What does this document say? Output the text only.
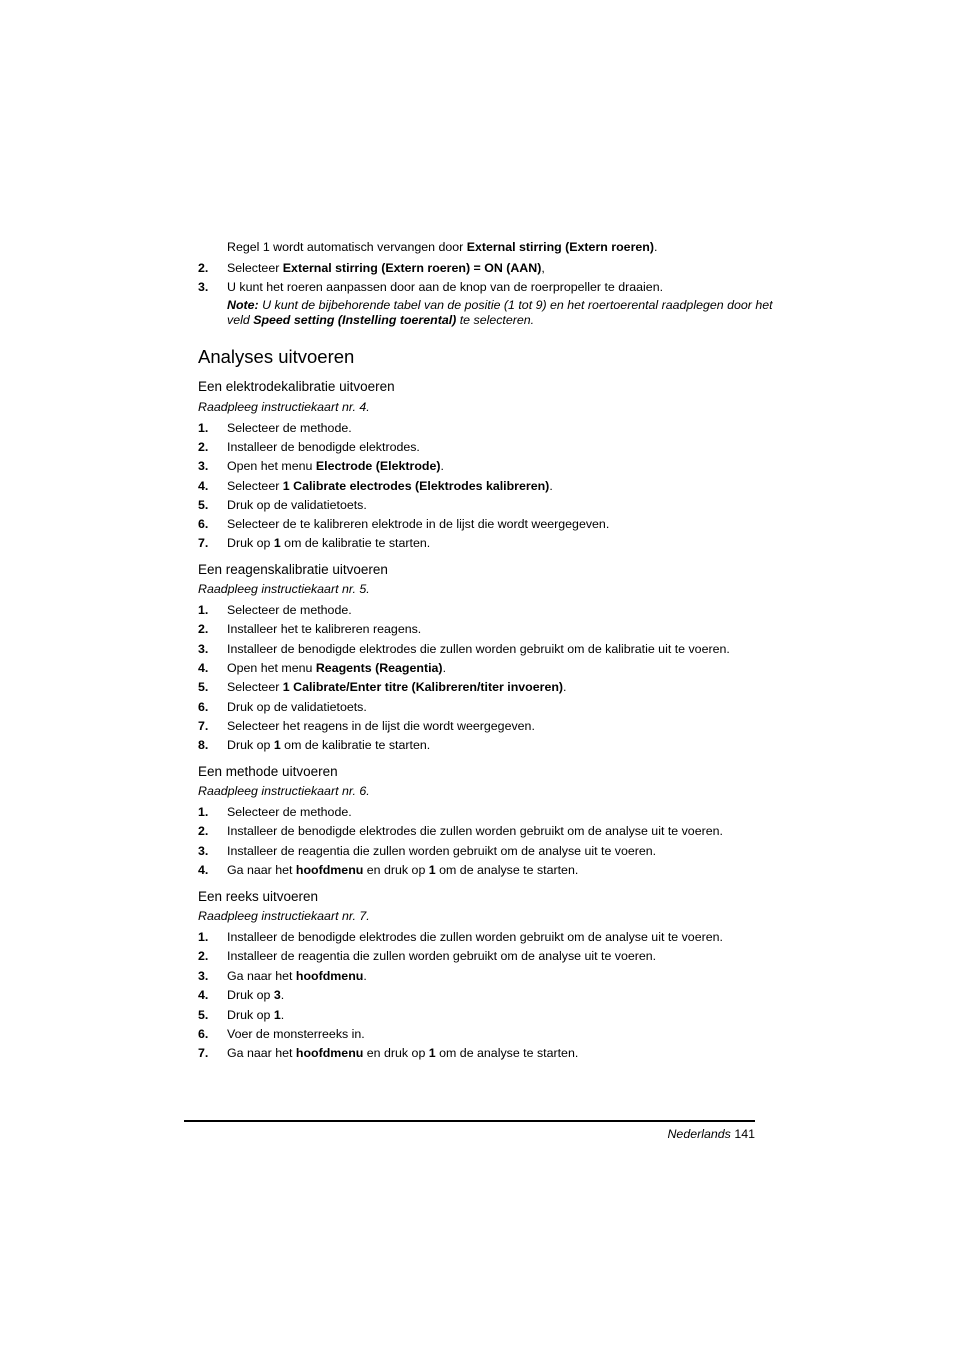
Regel 1 wordt automatisch vervangen door External stirring (Extern roeren).
2. Selecteer External stirring (Extern roeren) = ON (AAN),
3. U kunt het roeren aanpassen door aan de knop van de roerpropeller te draaien.
Note: U kunt de bijbehorende tabel van de positie (1 tot 9) en het roertoerental raadplegen door het veld Speed setting (Instelling toerental) te selecteren.
Analyses uitvoeren
Een elektrodekalibratie uitvoeren
Raadpleeg instructiekaart nr. 4.
1. Selecteer de methode.
2. Installeer de benodigde elektrodes.
3. Open het menu Electrode (Elektrode).
4. Selecteer 1 Calibrate electrodes (Elektrodes kalibreren).
5. Druk op de validatietoets.
6. Selecteer de te kalibreren elektrode in de lijst die wordt weergegeven.
7. Druk op 1 om de kalibratie te starten.
Een reagenskalibratie uitvoeren
Raadpleeg instructiekaart nr. 5.
1. Selecteer de methode.
2. Installeer het te kalibreren reagens.
3. Installeer de benodigde elektrodes die zullen worden gebruikt om de kalibratie uit te voeren.
4. Open het menu Reagents (Reagentia).
5. Selecteer 1 Calibrate/Enter titre (Kalibreren/titer invoeren).
6. Druk op de validatietoets.
7. Selecteer het reagens in de lijst die wordt weergegeven.
8. Druk op 1 om de kalibratie te starten.
Een methode uitvoeren
Raadpleeg instructiekaart nr. 6.
1. Selecteer de methode.
2. Installeer de benodigde elektrodes die zullen worden gebruikt om de analyse uit te voeren.
3. Installeer de reagentia die zullen worden gebruikt om de analyse uit te voeren.
4. Ga naar het hoofdmenu en druk op 1 om de analyse te starten.
Een reeks uitvoeren
Raadpleeg instructiekaart nr. 7.
1. Installeer de benodigde elektrodes die zullen worden gebruikt om de analyse uit te voeren.
2. Installeer de reagentia die zullen worden gebruikt om de analyse uit te voeren.
3. Ga naar het hoofdmenu.
4. Druk op 3.
5. Druk op 1.
6. Voer de monsterreeks in.
7. Ga naar het hoofdmenu en druk op 1 om de analyse te starten.
Nederlands 141
